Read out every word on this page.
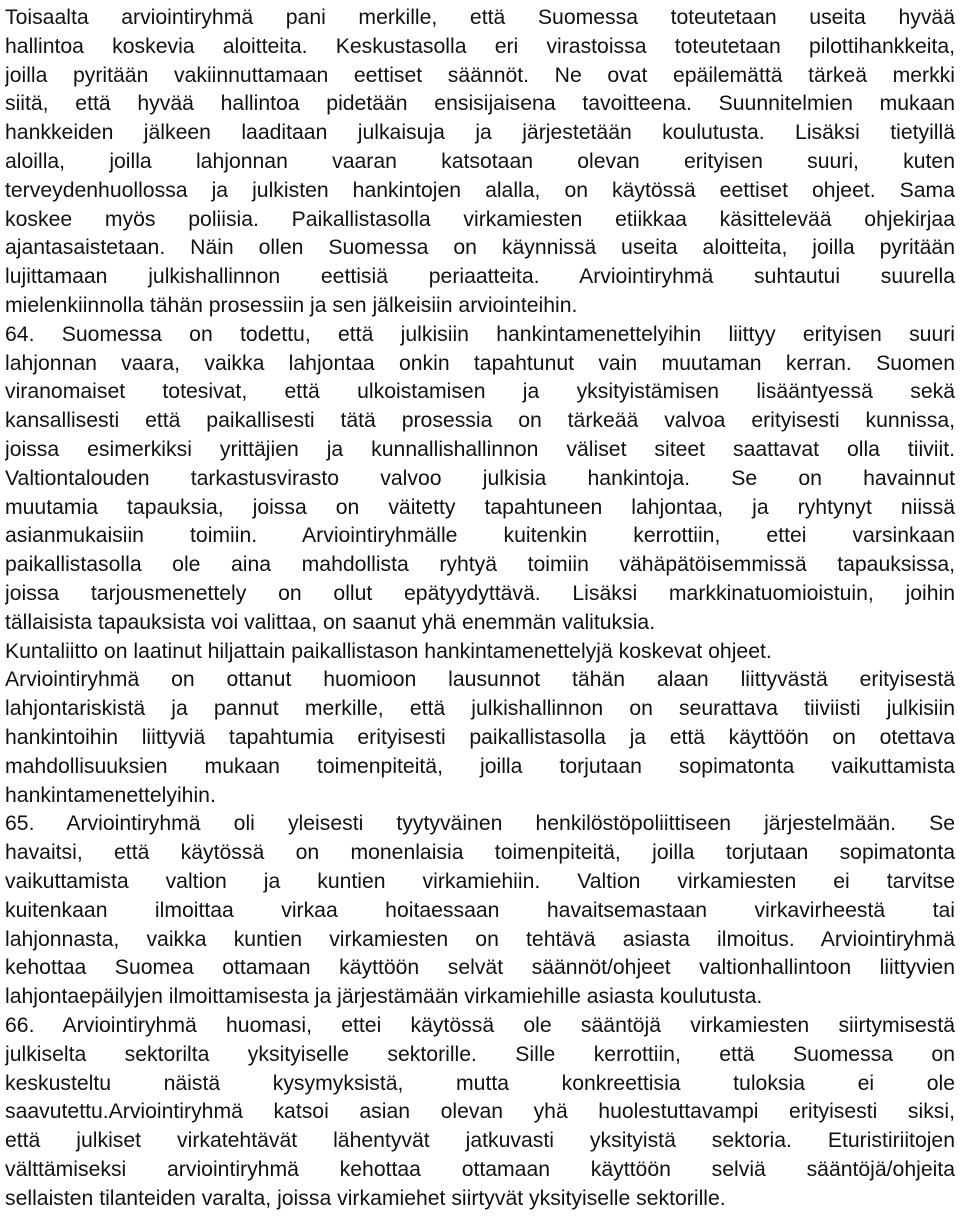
Toisaalta arviointiryhmä pani merkille, että Suomessa toteutetaan useita hyvää
hallintoa koskevia aloitteita. Keskustasolla eri virastoissa toteutetaan pilottihankkeita,
joilla pyritään vakiinnuttamaan eettiset säännöt. Ne ovat epäilemättä tärkeä merkki
siitä, että hyvää hallintoa pidetään ensisijaisena tavoitteena. Suunnitelmien mukaan
hankkeiden jälkeen laaditaan julkaisuja ja järjestetään koulutusta. Lisäksi tietyillä
aloilla, joilla lahjonnan vaaran katsotaan olevan erityisen suuri, kuten
terveydenhuollossa ja julkisten hankintojen alalla, on käytössä eettiset ohjeet. Sama
koskee myös poliisia. Paikallistasolla virkamiesten etiikkaa käsittelevää ohjekirjaa
ajantasaistetaan. Näin ollen Suomessa on käynnissä useita aloitteita, joilla pyritään
lujittamaan julkishallinnon eettisiä periaatteita. Arviointiryhmä suhtautui suurella
mielenkiinnolla tähän prosessiin ja sen jälkeisiin arviointeihin.
64. Suomessa on todettu, että julkisiin hankintamenettelyihin liittyy erityisen suuri
lahjonnan vaara, vaikka lahjontaa onkin tapahtunut vain muutaman kerran. Suomen
viranomaiset totesivat, että ulkoistamisen ja yksityistämisen lisääntyessä sekä
kansallisesti että paikallisesti tätä prosessia on tärkeää valvoa erityisesti kunnissa,
joissa esimerkiksi yrittäjien ja kunnallishallinnon väliset siteet saattavat olla tiiviit.
Valtiontalouden tarkastusvirasto valvoo julkisia hankintoja. Se on havainnut
muutamia tapauksia, joissa on väitetty tapahtuneen lahjontaa, ja ryhtynyt niissä
asianmukaisiin toimiin. Arviointiryhmälle kuitenkin kerrottiin, ettei varsinkaan
paikallistasolla ole aina mahdollista ryhtyä toimiin vähäpätöisemmissä tapauksissa,
joissa tarjousmenettely on ollut epätyydyttävä. Lisäksi markkinatuomioistuin, joihin
tällaisista tapauksista voi valittaa, on saanut yhä enemmän valituksia.
Kuntaliitto on laatinut hiljattain paikallistason hankintamenettelyjä koskevat ohjeet.
Arviointiryhmä on ottanut huomioon lausunnot tähän alaan liittyvästä erityisestä
lahjontariskistä ja pannut merkille, että julkishallinnon on seurattava tiiviisti julkisiin
hankintoihin liittyviä tapahtumia erityisesti paikallistasolla ja että käyttöön on otettava
mahdollisuuksien mukaan toimenpiteitä, joilla torjutaan sopimatonta vaikuttamista
hankintamenettelyihin.
65. Arviointiryhmä oli yleisesti tyytyväinen henkilöstöpoliittiseen järjestelmään. Se
havaitsi, että käytössä on monenlaisia toimenpiteitä, joilla torjutaan sopimatonta
vaikuttamista valtion ja kuntien virkamiehiin. Valtion virkamiesten ei tarvitse
kuitenkaan ilmoittaa virkaa hoitaessaan havaitsemastaan virkavirheestä tai
lahjonnasta, vaikka kuntien virkamiesten on tehtävä asiasta ilmoitus. Arviointiryhmä
kehottaa Suomea ottamaan käyttöön selvät säännöt/ohjeet valtionhallintoon liittyvien
lahjontaepäilyjen ilmoittamisesta ja järjestämään virkamiehille asiasta koulutusta.
66. Arviointiryhmä huomasi, ettei käytössä ole sääntöjä virkamiesten siirtymisestä
julkiselta sektorilta yksityiselle sektorille. Sille kerrottiin, että Suomessa on
keskusteltu näistä kysymyksistä, mutta konkreettisia tuloksia ei ole
saavutettu.Arviointiryhmä katsoi asian olevan yhä huolestuttavampi erityisesti siksi,
että julkiset virkatehtävät lähentyvät jatkuvasti yksityistä sektoria. Eturistiriitojen
välttämiseksi arviointiryhmä kehottaa ottamaan käyttöön selviä sääntöjä/ohjeita
sellaisten tilanteiden varalta, joissa virkamiehet siirtyvät yksityiselle sektorille.
